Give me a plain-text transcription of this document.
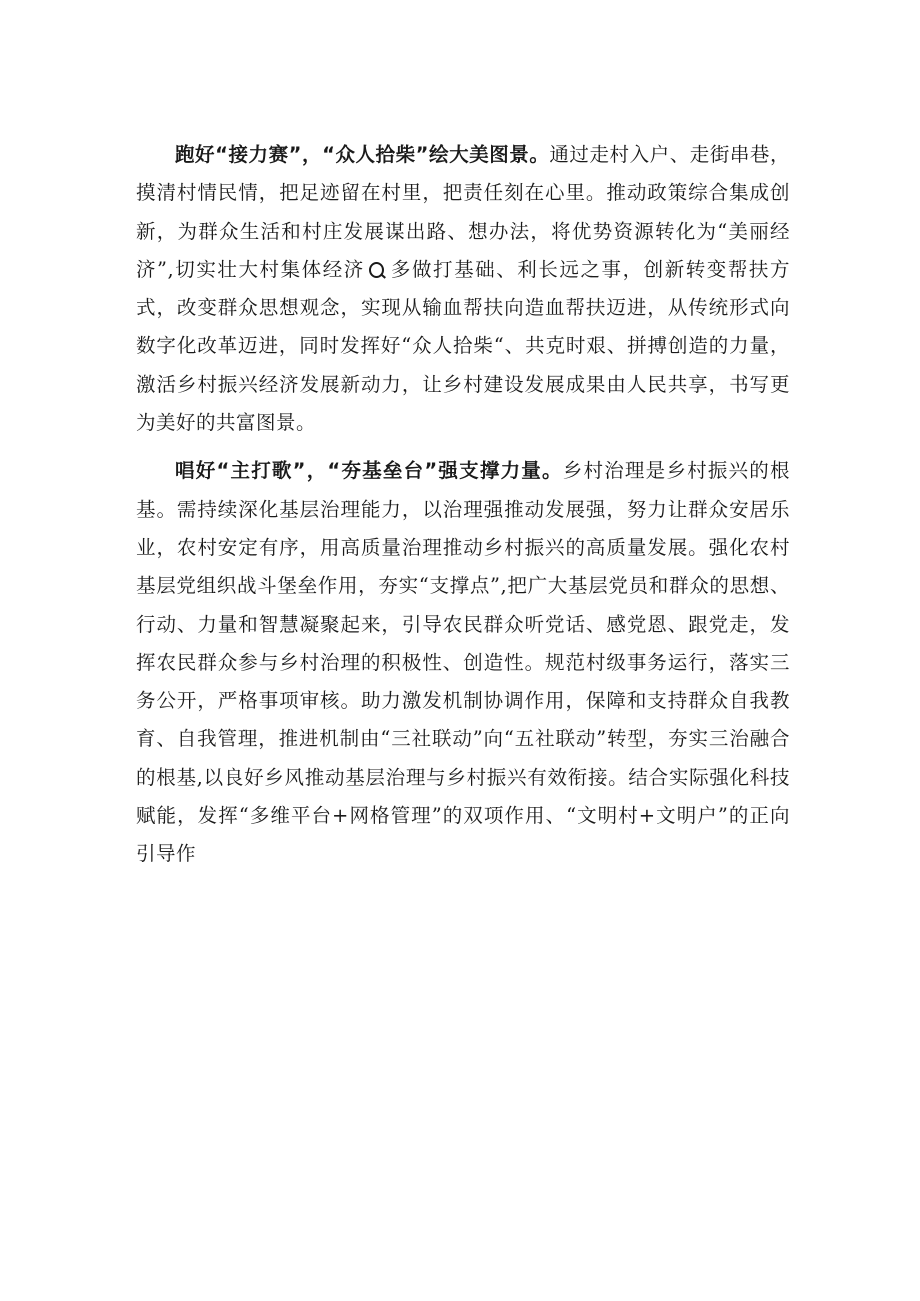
跑好“接力赛”，“众人拾柴”绘大美图景。通过走村入户、走街串巷，摸清村情民情，把足迹留在村里，把责任刻在心里。推动政策综合集成创新，为群众生活和村庄发展谋出路、想办法，将优势资源转化为“美丽经济”,切实壮大村集体经济 多做打基础、利长远之事，创新转变帮扶方式，改变群众思想观念，实现从输血帮扶向造血帮扶迈进，从传统形式向数字化改革迈进，同时发挥好“众人拾柴“、共克时艰、拼搏创造的力量，激活乡村振兴经济发展新动力，让乡村建设发展成果由人民共享，书写更为美好的共富图景。

唱好“主打歌”，“夯基垒台”强支撑力量。乡村治理是乡村振兴的根基。需持续深化基层治理能力，以治理强推动发展强，努力让群众安居乐业，农村安定有序，用高质量治理推动乡村振兴的高质量发展。强化农村基层党组织战斗堡垒作用，夯实“支撑点”,把广大基层党员和群众的思想、行动、力量和智慧凝聚起来，引导农民群众听党话、感党恩、跟党走，发挥农民群众参与乡村治理的积极性、创造性。规范村级事务运行，落实三务公开，严格事项审核。助力激发机制协调作用，保障和支持群众自我教育、自我管理，推进机制由“三社联动”向“五社联动”转型，夯实三治融合的根基,以良好乡风推动基层治理与乡村振兴有效衔接。结合实际强化科技赋能，发挥“多维平台+网格管理”的双项作用、“文明村+文明户”的正向引导作
